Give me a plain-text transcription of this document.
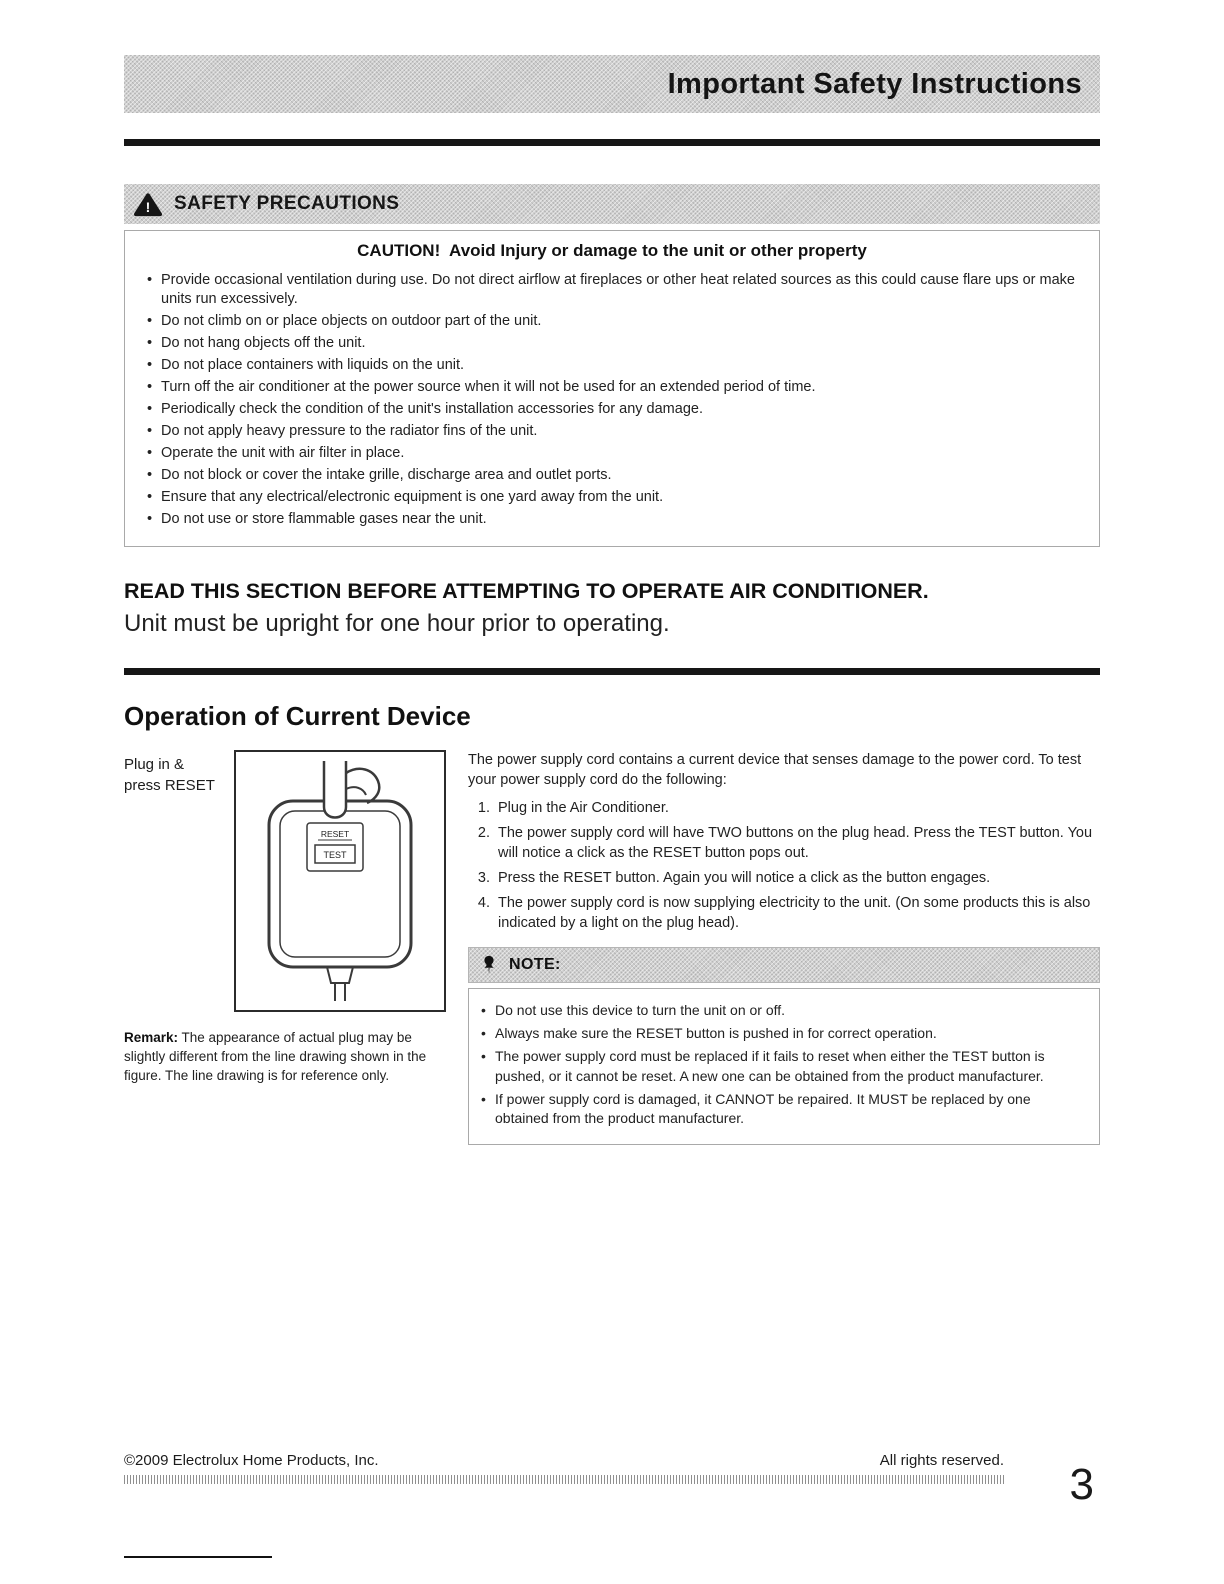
Important Safety Instructions
! SAFETY PRECAUTIONS
CAUTION!  Avoid Injury or damage to the unit or other property
• Provide occasional ventilation during use. Do not direct airflow at fireplaces or other heat related sources as this could cause flare ups or make units run excessively.
• Do not climb on or place objects on outdoor part of the unit.
• Do not hang objects off the unit.
• Do not place containers with liquids on the unit.
• Turn off the air conditioner at the power source when it will not be used for an extended period of time.
• Periodically check the condition of the unit's installation accessories for any damage.
• Do not apply heavy pressure to the radiator fins of the unit.
• Operate the unit with air filter in place.
• Do not block or cover the intake grille, discharge area and outlet ports.
• Ensure that any electrical/electronic equipment is one yard away from the unit.
• Do not use or store flammable gases near the unit.
READ THIS SECTION BEFORE ATTEMPTING TO OPERATE AIR CONDITIONER.
Unit must be upright for one hour prior to operating.
Operation of Current Device
Plug in &
press RESET
RESET
TEST

Remark: The appearance of actual plug may be slightly different from the line drawing shown in the figure. The line drawing is for reference only.

The power supply cord contains a current device that senses damage to the power cord. To test your power supply cord do the following:

1. Plug in the Air Conditioner.
2. The power supply cord will have TWO buttons on the plug head. Press the TEST button. You will notice a click as the RESET button pops out.
3. Press the RESET button. Again you will notice a click as the button engages.
4. The power supply cord is now supplying electricity to the unit. (On some products this is also indicated by a light on the plug head).
NOTE:
• Do not use this device to turn the unit on or off.
• Always make sure the RESET button is pushed in for correct operation.
• The power supply cord must be replaced if it fails to reset when either the TEST button is pushed, or it cannot be reset. A new one can be obtained from the product manufacturer.
• If power supply cord is damaged, it CANNOT be repaired. It MUST be replaced by one obtained from the product manufacturer.
©2009 Electrolux Home Products, Inc.	All rights reserved. 3
